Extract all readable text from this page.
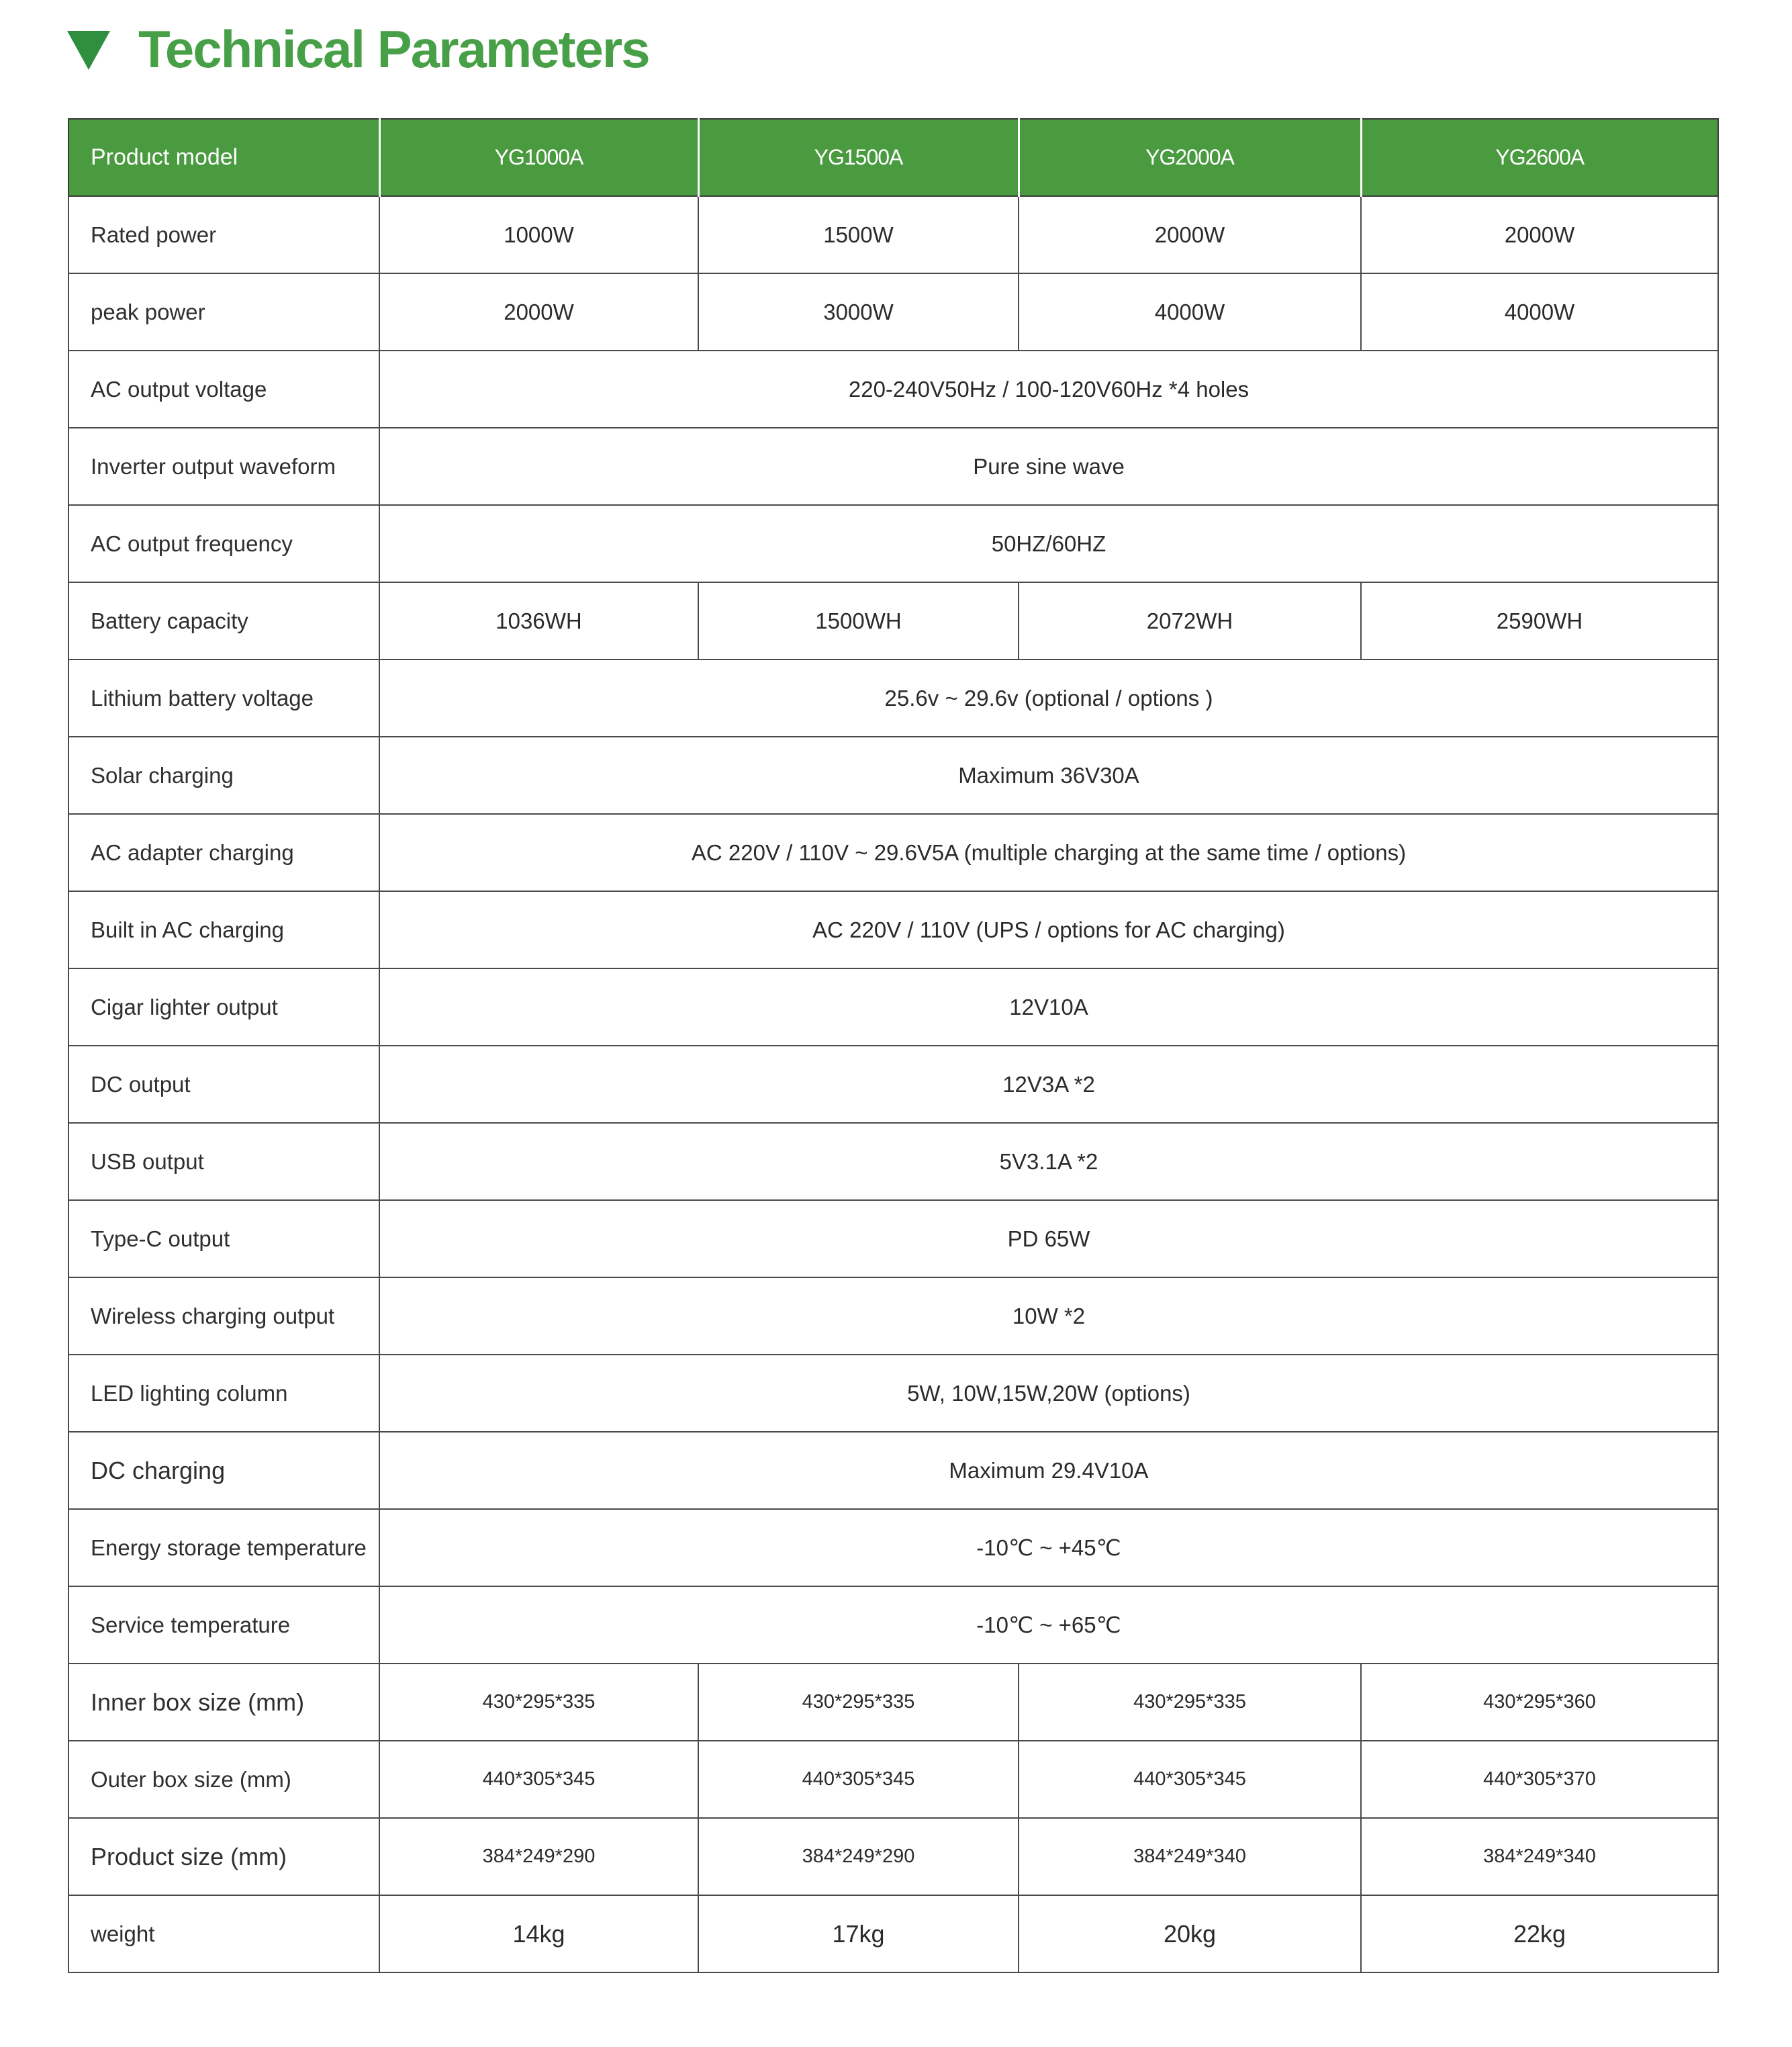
Technical Parameters
Product model	YG1000A	YG1500A	YG2000A	YG2600A
Rated power	1000W	1500W	2000W	2000W
peak power	2000W	3000W	4000W	4000W
AC output voltage	220-240V50Hz / 100-120V60Hz *4 holes			
Inverter output waveform	Pure sine wave			
AC output frequency	50HZ/60HZ			
Battery capacity	1036WH	1500WH	2072WH	2590WH
Lithium battery voltage	25.6v ~ 29.6v (optional / options )			
Solar charging	Maximum 36V30A			
AC adapter charging	AC 220V / 110V ~ 29.6V5A (multiple charging at the same time / options)			
Built in AC charging	AC 220V / 110V (UPS / options for AC charging)			
Cigar lighter output	12V10A			
DC output	12V3A *2			
USB output	5V3.1A *2			
Type-C output	PD 65W			
Wireless charging output	10W *2			
LED lighting column	5W, 10W,15W,20W (options)			
DC charging	Maximum 29.4V10A			
Energy storage temperature	-10℃ ~ +45℃			
Service temperature	-10℃ ~ +65℃			
Inner box size (mm)	430*295*335	430*295*335	430*295*335	430*295*360
Outer box size (mm)	440*305*345	440*305*345	440*305*345	440*305*370
Product size (mm)	384*249*290	384*249*290	384*249*340	384*249*340
weight	14kg	17kg	20kg	22kg
